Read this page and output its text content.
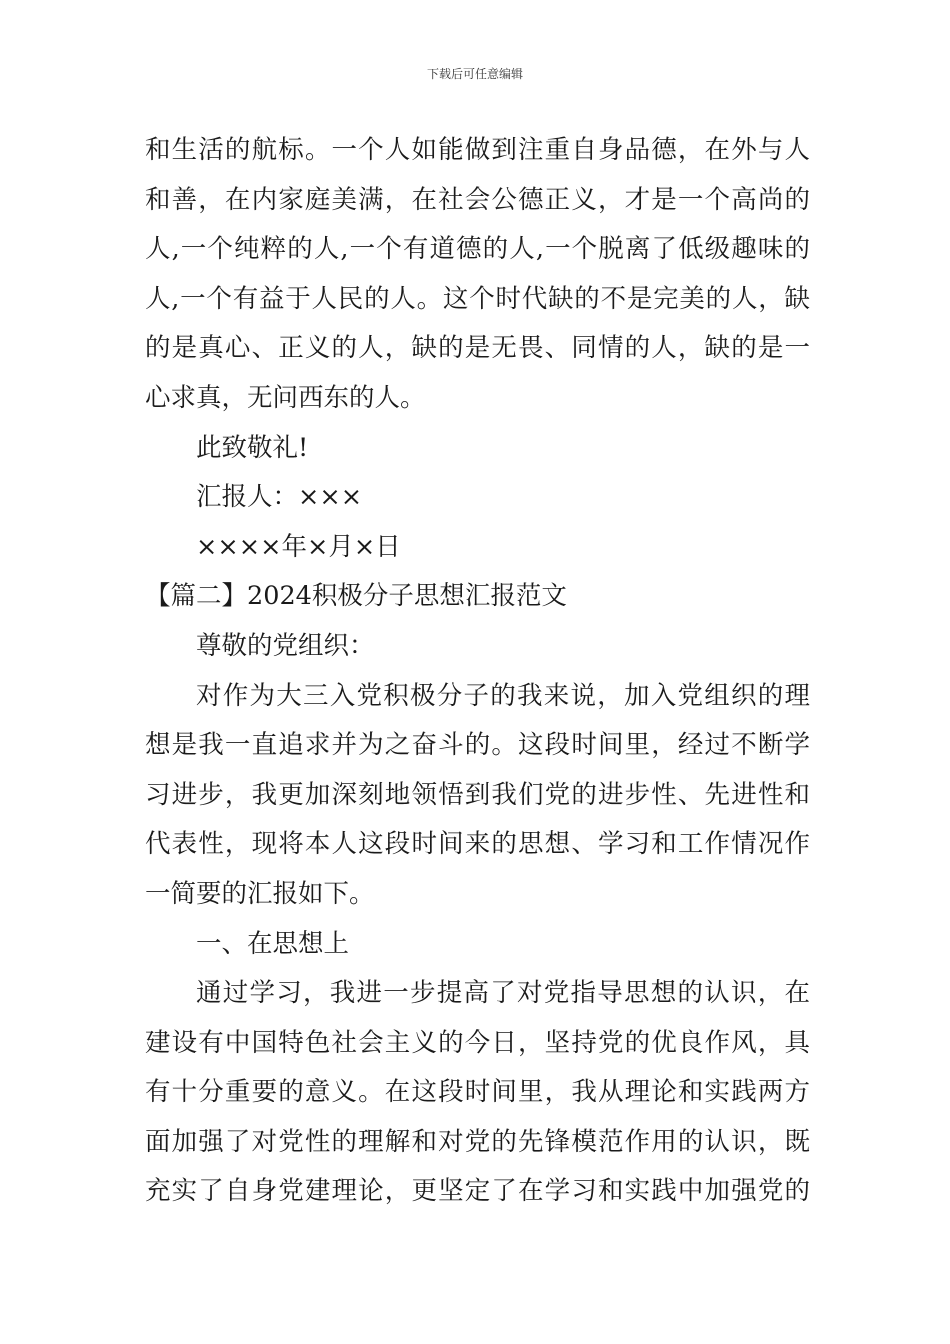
下载后可任意编辑
和生活的航标。一个人如能做到注重自身品德，在外与人
和善，在内家庭美满，在社会公德正义，才是一个高尚的
人,一个纯粹的人,一个有道德的人,一个脱离了低级趣味的
人,一个有益于人民的人。这个时代缺的不是完美的人，缺
的是真心、正义的人，缺的是无畏、同情的人，缺的是一
心求真，无问西东的人。
此致敬礼!
汇报人：×××
××××年×月×日
【篇二】2024积极分子思想汇报范文
尊敬的党组织：
对作为大三入党积极分子的我来说，加入党组织的理
想是我一直追求并为之奋斗的。这段时间里，经过不断学
习进步，我更加深刻地领悟到我们党的进步性、先进性和
代表性，现将本人这段时间来的思想、学习和工作情况作
一简要的汇报如下。
一、在思想上
通过学习，我进一步提高了对党指导思想的认识，在
建设有中国特色社会主义的今日，坚持党的优良作风，具
有十分重要的意义。在这段时间里，我从理论和实践两方
面加强了对党性的理解和对党的先锋模范作用的认识，既
充实了自身党建理论，更坚定了在学习和实践中加强党的
